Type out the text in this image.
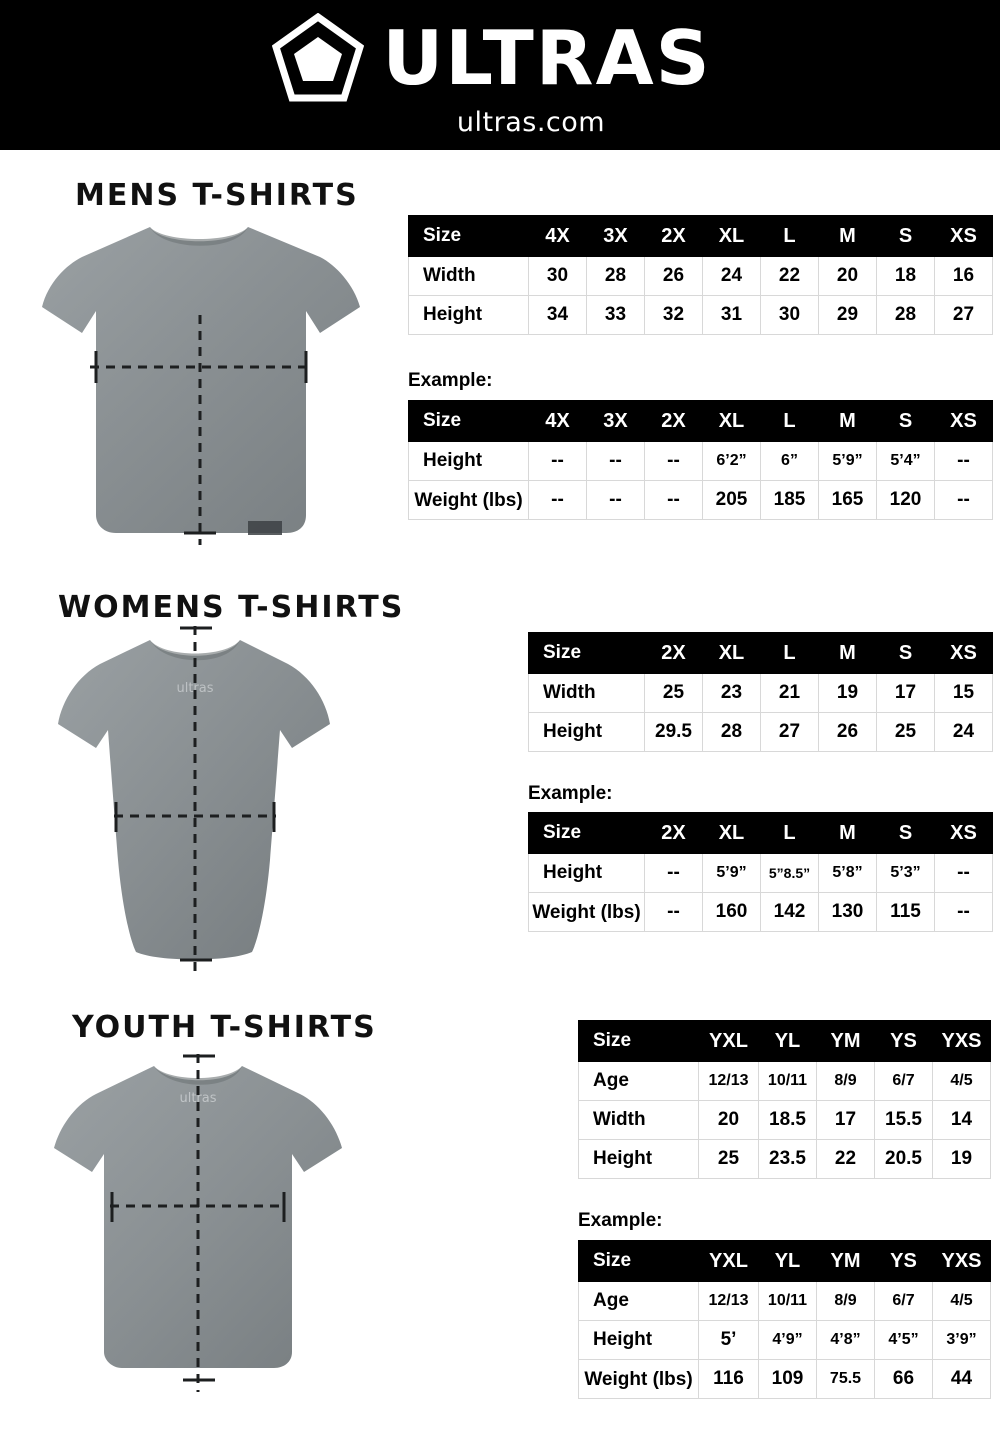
ULTRAS
ultras.com
MENS T-SHIRTS
Size	4X	3X	2X	XL	L	M	S	XS
Width	30	28	26	24	22	20	18	16
Height	34	33	32	31	30	29	28	27
Example:
Size	4X	3X	2X	XL	L	M	S	XS
Height	--	--	--	6’2”	6”	5’9”	5’4”	--
Weight (lbs)	--	--	--	205	185	165	120	--
WOMENS T-SHIRTS
ultras
Size	2X	XL	L	M	S	XS
Width	25	23	21	19	17	15
Height	29.5	28	27	26	25	24
Example:
Size	2X	XL	L	M	S	XS
Height	--	5’9”	5”8.5”	5’8”	5’3”	--
Weight (lbs)	--	160	142	130	115	--
YOUTH T-SHIRTS
ultras
Size	YXL	YL	YM	YS	YXS
Age	12/13	10/11	8/9	6/7	4/5
Width	20	18.5	17	15.5	14
Height	25	23.5	22	20.5	19
Example:
Size	YXL	YL	YM	YS	YXS
Age	12/13	10/11	8/9	6/7	4/5
Height	5’	4’9”	4’8”	4’5”	3’9”
Weight (lbs)	116	109	75.5	66	44
